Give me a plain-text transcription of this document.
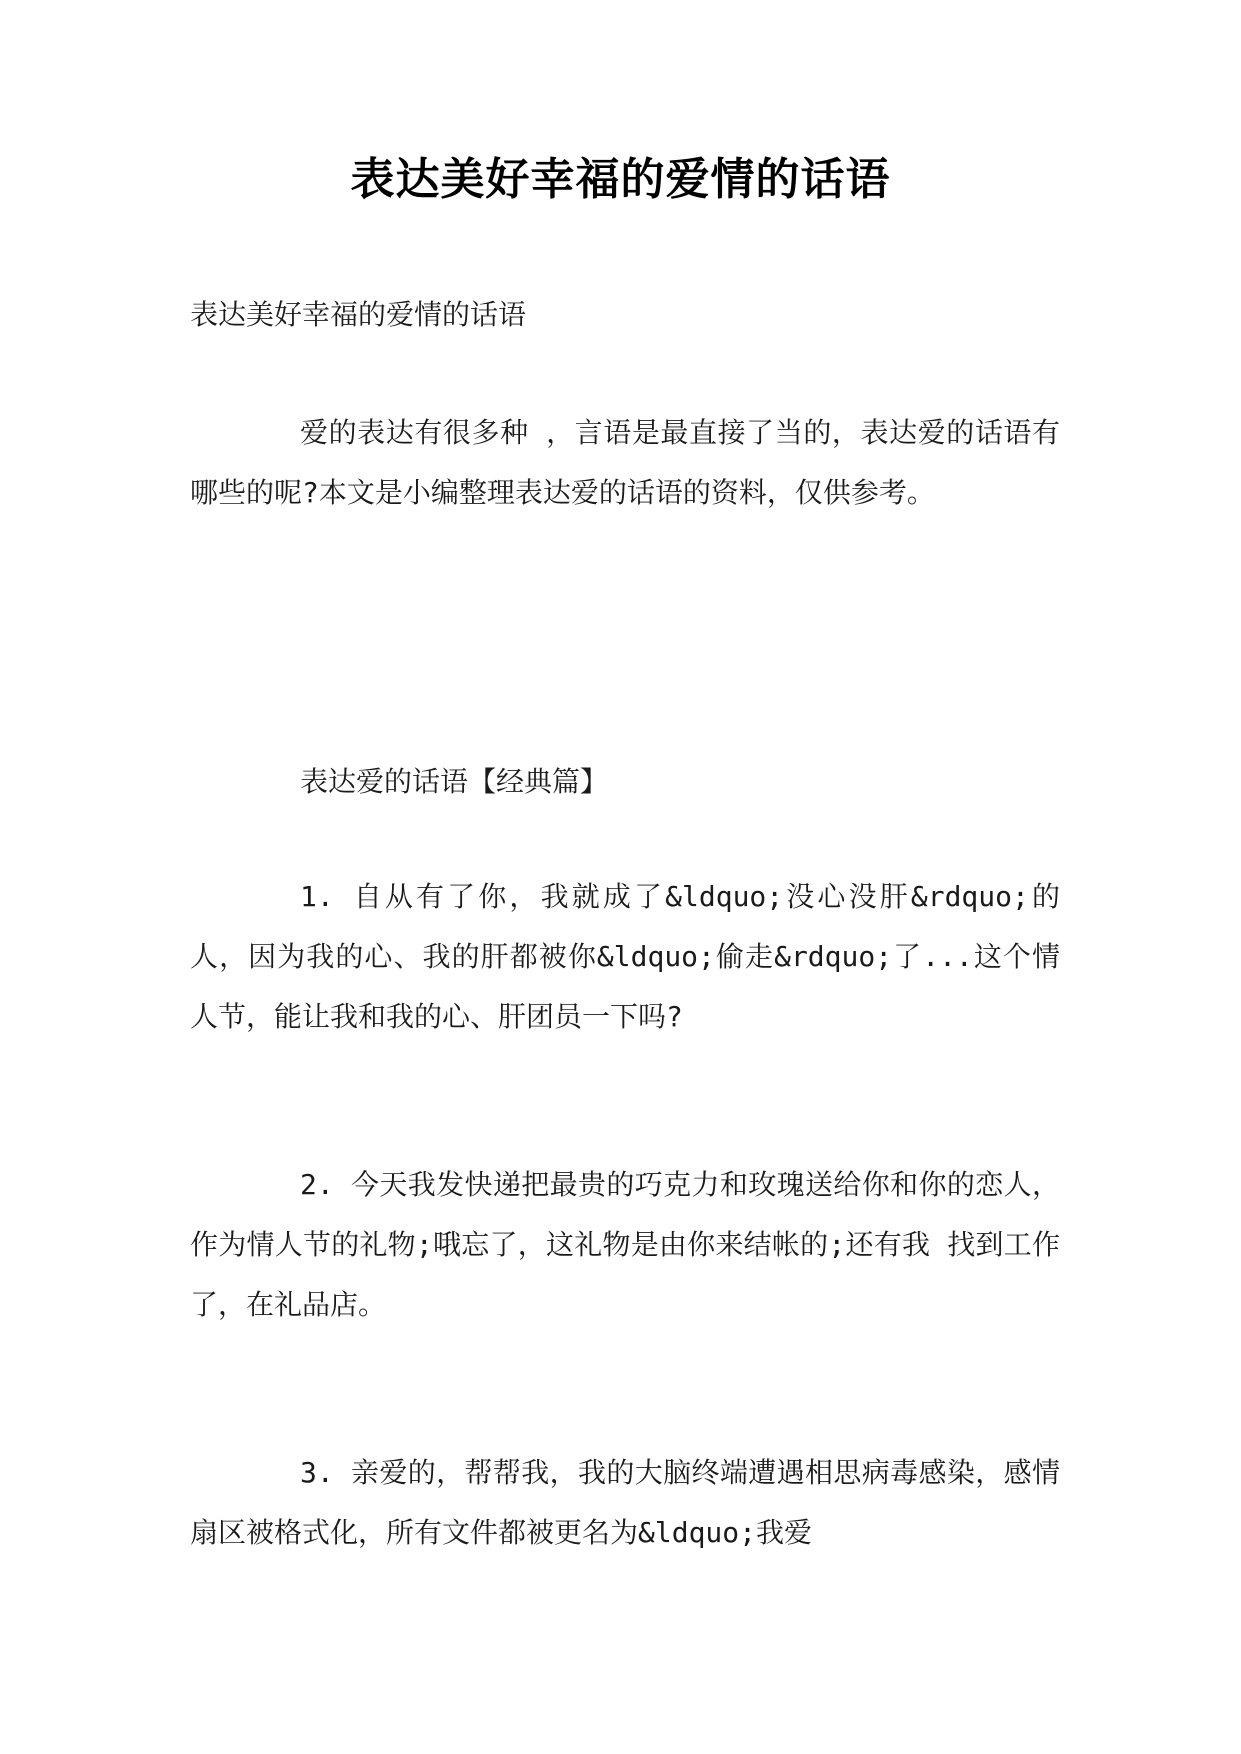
表达美好幸福的爱情的话语

表达美好幸福的爱情的话语

爱的表达有很多种 ，言语是最直接了当的，表达爱的话语有哪些的呢?本文是小编整理表达爱的话语的资料，仅供参考。

表达爱的话语【经典篇】

1. 自从有了你，我就成了&ldquo;没心没肝&rdquo;的人，因为我的心、我的肝都被你&ldquo;偷走&rdquo;了...这个情人节，能让我和我的心、肝团员一下吗?

2. 今天我发快递把最贵的巧克力和玫瑰送给你和你的恋人，作为情人节的礼物;哦忘了，这礼物是由你来结帐的;还有我 找到工作了，在礼品店。

3. 亲爱的，帮帮我，我的大脑终端遭遇相思病毒感染，感情扇区被格式化，所有文件都被更名为&ldquo;我爱
